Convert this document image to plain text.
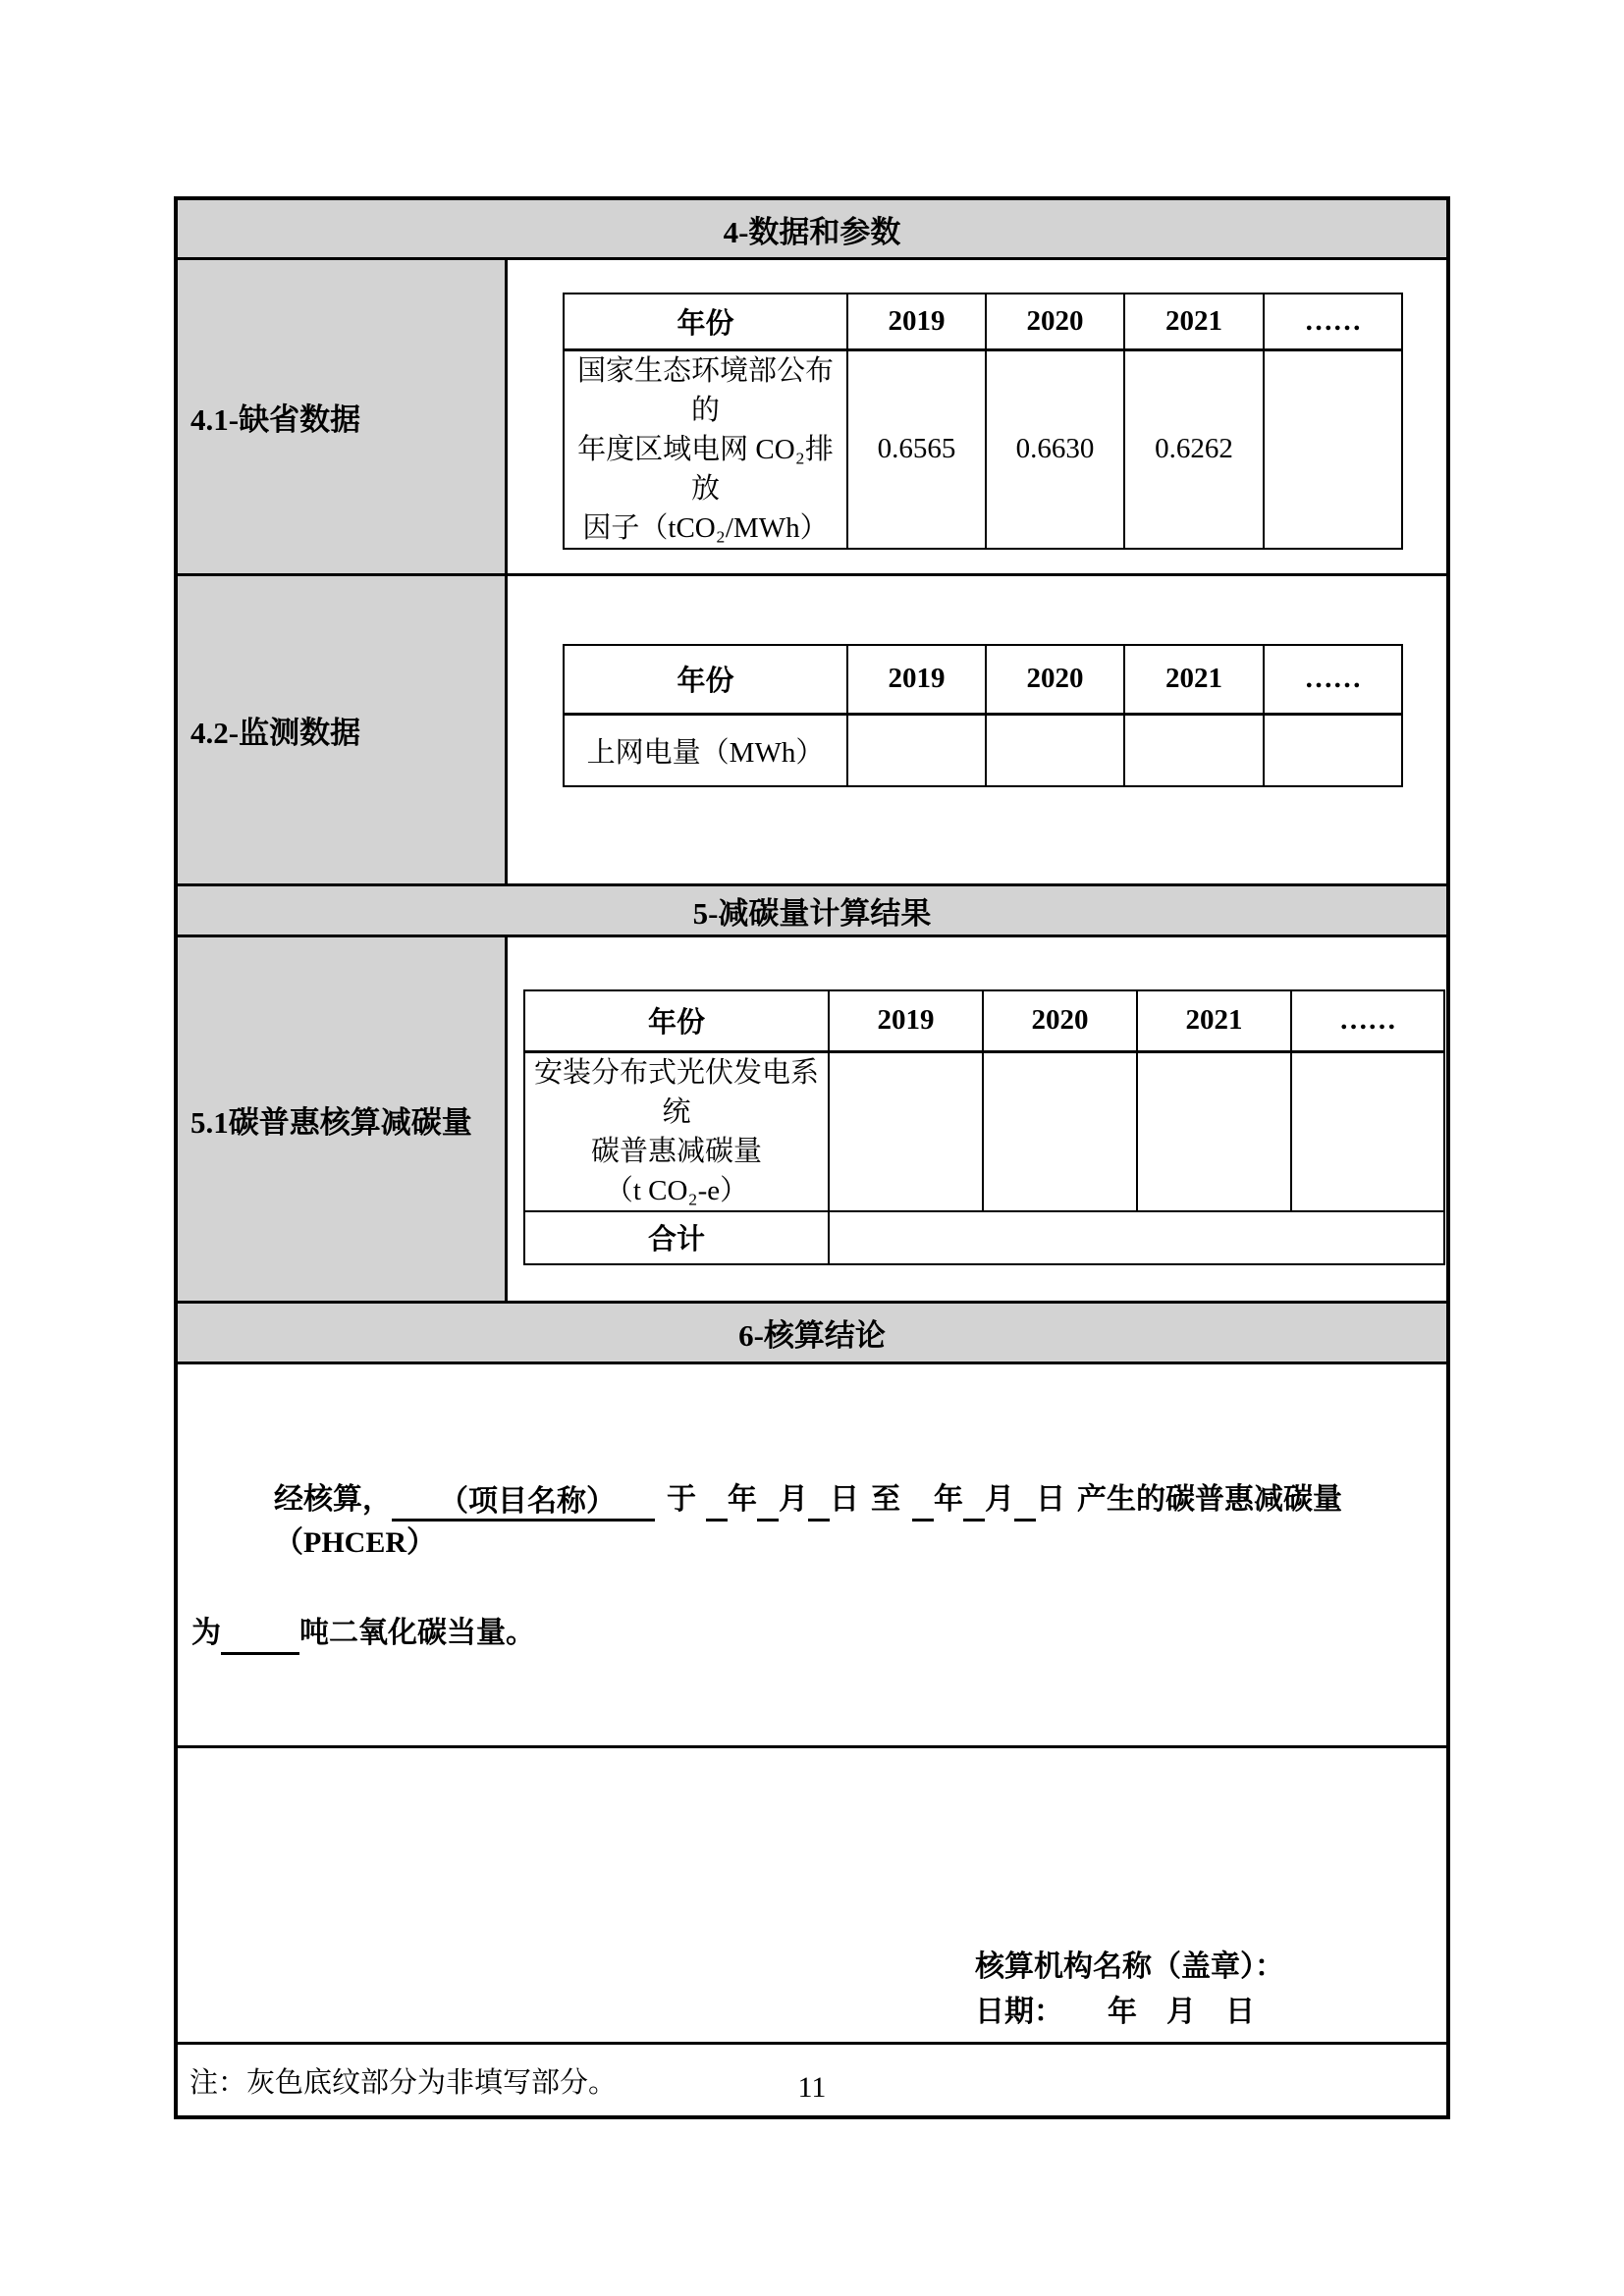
4-数据和参数
4.1-缺省数据
年份	2019	2020	2021	……

国家生态环境部公布的
年度区域电网 CO₂排放
因子（tCO₂/MWh）	0.6565	0.6630	0.6262	
4.2-监测数据
年份	2019	2020	2021	……
上网电量（MWh）				
5-减碳量计算结果
5.1碳普惠核算减碳量
年份	2019	2020	2021	……

安装分布式光伏发电系统
碳普惠减碳量
（t CO₂-e）				

合计				
6-核算结论
经核算， （项目名称） 于 年 月 日 至 年 月 日 产生的碳普惠减碳量（PHCER）
为	吨二氧化碳当量。
核算机构名称（盖章）：
日期：　　年　月　日
注：灰色底纹部分为非填写部分。	11
